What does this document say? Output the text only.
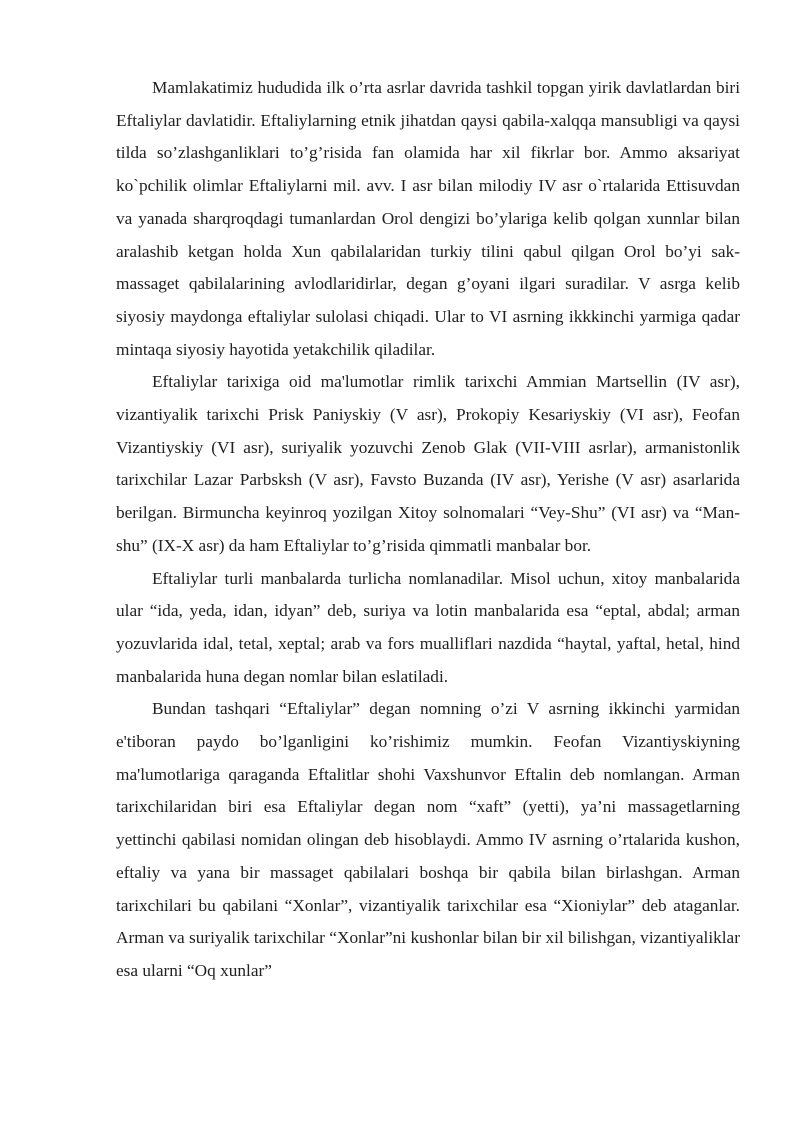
Mamlakatimiz hududida ilk o’rta asrlar davrida tashkil topgan yirik davlatlardan biri Eftaliylar davlatidir. Eftaliylarning etnik jihatdan qaysi qabila-xalqqa mansubligi va qaysi tilda so’zlashganliklari to’g’risida fan olamida har xil fikrlar bor. Ammo aksariyat ko`pchilik olimlar Eftaliylarni mil. avv. I asr bilan milodiy IV asr o`rtalarida Ettisuvdan va yanada sharqroqdagi tumanlardan Orol dengizi bo’ylariga kelib qolgan xunnlar bilan aralashib ketgan holda Xun qabilalaridan turkiy tilini qabul qilgan Orol bo’yi sak-massaget qabilalarining avlodlaridirlar, degan g’oyani ilgari suradilar. V asrga kelib siyosiy maydonga eftaliylar sulolasi chiqadi. Ular to VI asrning ikkkinchi yarmiga qadar mintaqa siyosiy hayotida yetakchilik qiladilar.

Eftaliylar tarixiga oid ma'lumotlar rimlik tarixchi Ammian Martsellin (IV asr), vizantiyalik tarixchi Prisk Paniyskiy (V asr), Prokopiy Kesariyskiy (VI asr), Feofan Vizantiyskiy (VI asr), suriyalik yozuvchi Zenob Glak (VII-VIII asrlar), armanistonlik tarixchilar Lazar Parbsksh (V asr), Favsto Buzanda (IV asr), Yerishe (V asr) asarlarida berilgan. Birmuncha keyinroq yozilgan Xitoy solnomalari “Vey-Shu” (VI asr) va “Man-shu” (IX-X asr) da ham Eftaliylar to’g’risida qimmatli manbalar bor.

Eftaliylar turli manbalarda turlicha nomlanadilar. Misol uchun, xitoy manbalarida ular “ida, yeda, idan, idyan” deb, suriya va lotin manbalarida esa “eptal, abdal; arman yozuvlarida idal, tetal, xeptal; arab va fors mualliflari nazdida “haytal, yaftal, hetal, hind manbalarida huna degan nomlar bilan eslatiladi.

Bundan tashqari “Eftaliylar” degan nomning o’zi V asrning ikkinchi yarmidan e'tiboran paydo bo’lganligini ko’rishimiz mumkin. Feofan Vizantiyskiyning ma'lumotlariga qaraganda Eftalitlar shohi Vaxshunvor Eftalin deb nomlangan. Arman tarixchilaridan biri esa Eftaliylar degan nom “xaft” (yetti), ya’ni massagetlarning yettinchi qabilasi nomidan olingan deb hisoblaydi. Ammo IV asrning o’rtalarida kushon, eftaliy va yana bir massaget qabilalari boshqa bir qabila bilan birlashgan. Arman tarixchilari bu qabilani “Xonlar”, vizantiyalik tarixchilar esa “Xioniylar” deb ataganlar. Arman va suriyalik tarixchilar “Xonlar”ni kushonlar bilan bir xil bilishgan, vizantiyaliklar esa ularni “Oq xunlar”
